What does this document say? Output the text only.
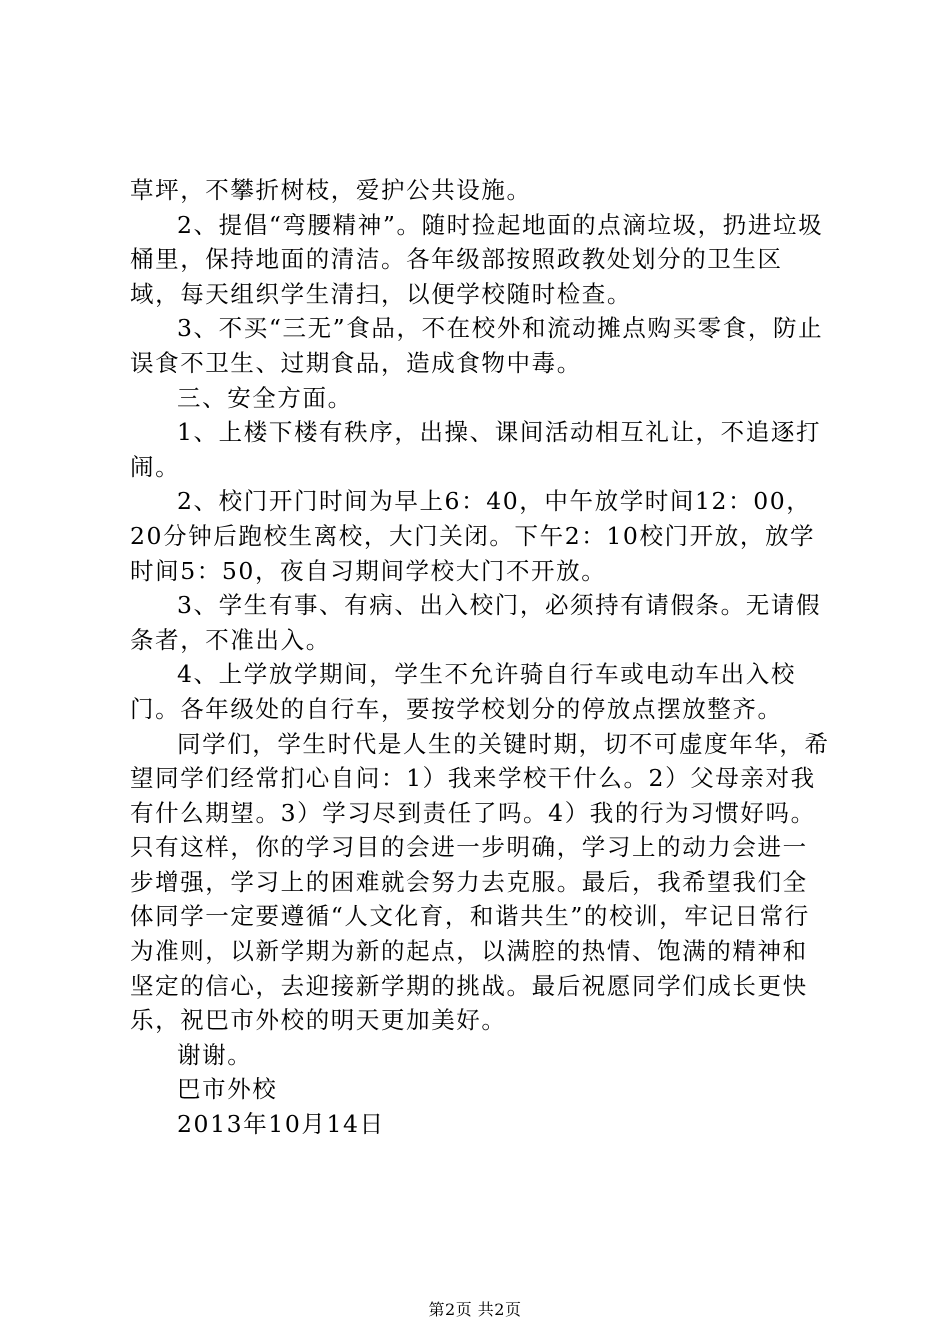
草坪，不攀折树枝，爱护公共设施。

2、提倡“弯腰精神”。随时捡起地面的点滴垃圾，扔进垃圾桶里，保持地面的清洁。各年级部按照政教处划分的卫生区域，每天组织学生清扫，以便学校随时检查。

3、不买“三无”食品，不在校外和流动摊点购买零食，防止误食不卫生、过期食品，造成食物中毒。

三、安全方面。

1、上楼下楼有秩序，出操、课间活动相互礼让，不追逐打闹。

2、校门开门时间为早上6：40，中午放学时间12：00，20分钟后跑校生离校，大门关闭。下午2：10校门开放，放学时间5：50，夜自习期间学校大门不开放。

3、学生有事、有病、出入校门，必须持有请假条。无请假条者，不准出入。

4、上学放学期间，学生不允许骑自行车或电动车出入校门。各年级处的自行车，要按学校划分的停放点摆放整齐。

同学们，学生时代是人生的关键时期，切不可虚度年华，希望同学们经常扪心自问：1）我来学校干什么。2）父母亲对我有什么期望。3）学习尽到责任了吗。4）我的行为习惯好吗。只有这样，你的学习目的会进一步明确，学习上的动力会进一步增强，学习上的困难就会努力去克服。最后，我希望我们全体同学一定要遵循“人文化育，和谐共生”的校训，牢记日常行为准则，以新学期为新的起点，以满腔的热情、饱满的精神和坚定的信心，去迎接新学期的挑战。最后祝愿同学们成长更快乐，祝巴市外校的明天更加美好。

谢谢。

巴市外校

2013年10月14日

第2页 共2页
